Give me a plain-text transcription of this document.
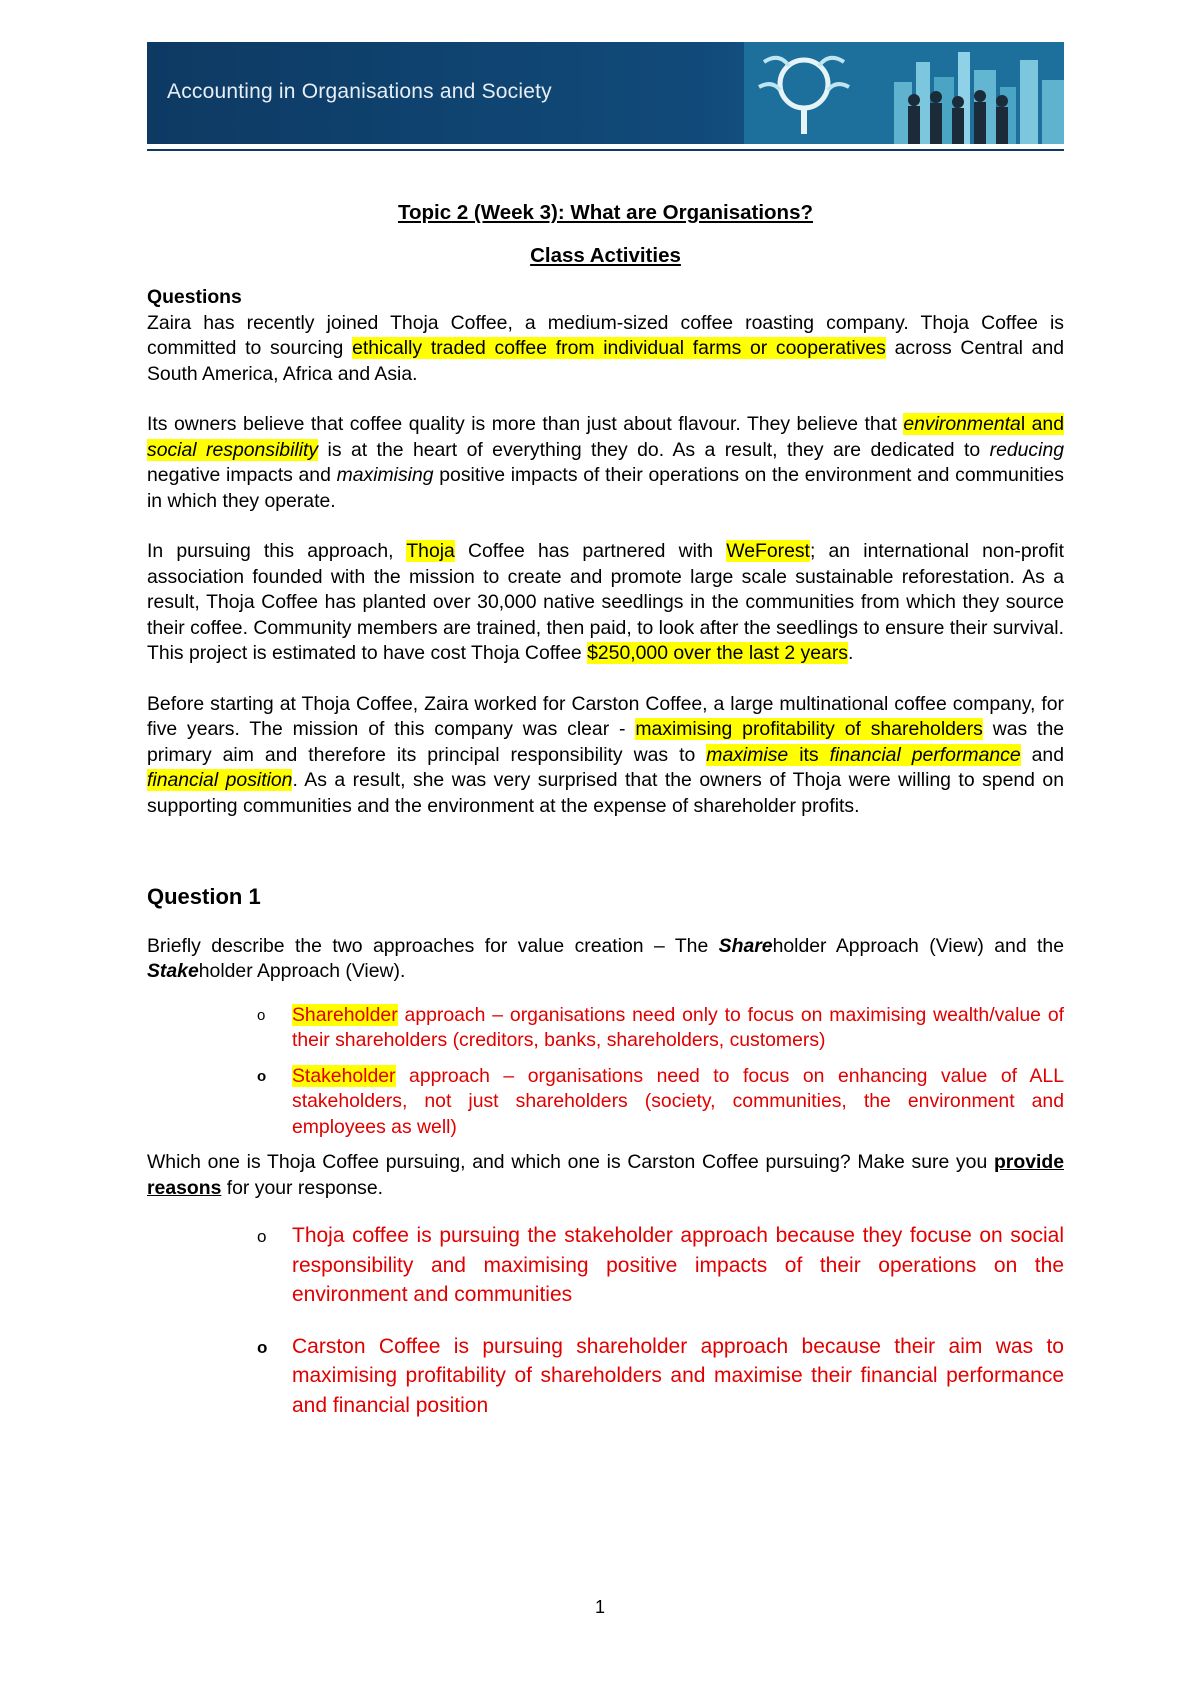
Accounting in Organisations and Society
Topic 2 (Week 3): What are Organisations?
Class Activities
Questions
Zaira has recently joined Thoja Coffee, a medium-sized coffee roasting company. Thoja Coffee is committed to sourcing ethically traded coffee from individual farms or cooperatives across Central and South America, Africa and Asia.
Its owners believe that coffee quality is more than just about flavour. They believe that environmental and social responsibility is at the heart of everything they do. As a result, they are dedicated to reducing negative impacts and maximising positive impacts of their operations on the environment and communities in which they operate.
In pursuing this approach, Thoja Coffee has partnered with WeForest; an international non-profit association founded with the mission to create and promote large scale sustainable reforestation. As a result, Thoja Coffee has planted over 30,000 native seedlings in the communities from which they source their coffee. Community members are trained, then paid, to look after the seedlings to ensure their survival. This project is estimated to have cost Thoja Coffee $250,000 over the last 2 years.
Before starting at Thoja Coffee, Zaira worked for Carston Coffee, a large multinational coffee company, for five years. The mission of this company was clear - maximising profitability of shareholders was the primary aim and therefore its principal responsibility was to maximise its financial performance and financial position. As a result, she was very surprised that the owners of Thoja were willing to spend on supporting communities and the environment at the expense of shareholder profits.
Question 1
Briefly describe the two approaches for value creation – The Shareholder Approach (View) and the Stakeholder Approach (View).
o Shareholder approach – organisations need only to focus on maximising wealth/value of their shareholders (creditors, banks, shareholders, customers)
o Stakeholder approach – organisations need to focus on enhancing value of ALL stakeholders, not just shareholders (society, communities, the environment and employees as well)
Which one is Thoja Coffee pursuing, and which one is Carston Coffee pursuing? Make sure you provide reasons for your response.
o Thoja coffee is pursuing the stakeholder approach because they focuse on social responsibility and maximising positive impacts of their operations on the environment and communities
o Carston Coffee is pursuing shareholder approach because their aim was to maximising profitability of shareholders and maximise their financial performance and financial position
1
